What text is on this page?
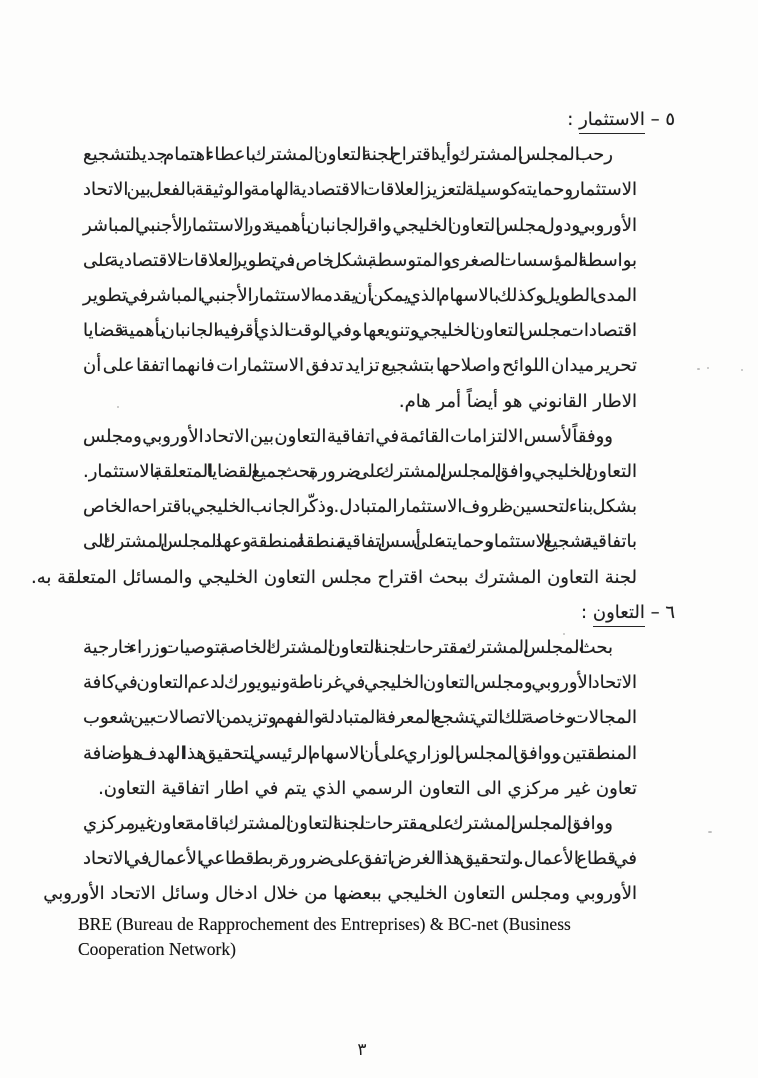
٥ – الاستثمار :
رحب المجلس المشترك وأيد اقتراح لجنة التعاون المشترك باعطاء اهتمام جديد لتشجيع
الاستثمار وحمايته كوسيلة لتعزيز العلاقات الاقتصادية الهامة والوثيقة بالفعل بين الاتحاد
الأوروبي ودول مجلس التعاون الخليجي. واقر الجانبان بأهمية دور الاستثمار الأجنبي المباشر
بواسطة المؤسسات الصغرى والمتوسطة بشكل خاص، في تطوير العلاقات الاقتصادية على
المدى الطويل وكذلك بالاسهام الذي يمكن أن يقدمه الاستثمار الأجنبي المباشر في تطوير
اقتصادات مجلس التعاون الخليجي وتنويعها. وفي الوقت الذي أقر فيه الجانبان بأهمية قضايا
تحرير ميدان اللوائح واصلاحها بتشجيع تزايد تدفق الاستثمارات فانهما اتفقا على أن
الاطار القانوني هو أيضاً أمر هام.
ووفقاً لأسس الالتزامات القائمة في اتفاقية التعاون بين الاتحاد الأوروبي ومجلس
التعاون الخليجي، وافق المجلس المشترك على ضرورة بحث جميع القضايا المتعلقة بالاستثمار.
بشكل بناء لتحسين ظروف الاستثمار المتبادل. وذكّر الجانب الخليجي باقتراحه الخاص
باتفاقية تشجيع الاستثمار وحمايته على أسس اتفاقية منطقة لمنطقة. وعهد المجلس المشترك الى
لجنة التعاون المشترك ببحث اقتراح مجلس التعاون الخليجي والمسائل المتعلقة به.
٦ – التعاون :
بحث المجلس المشترك مقترحات لجنة التعاون المشترك الخاصة بتوصيات وزراء خارجية
الاتحاد الأوروبي ومجلس التعاون الخليجي في غرناطة ونيويورك لدعم التعاون في كافة
المجالات وخاصة تلك التي تشجع المعرفة المتبادلة والفهم وتزيد من الاتصالات بين شعوب
المنطقتين. ووافق المجلس الوزاري على أن الاسهام الرئيسي لتحقيق هذا الهدف هو اضافة
تعاون غير مركزي الى التعاون الرسمي الذي يتم في اطار اتفاقية التعاون.
ووافق المجلس المشترك على مقترحات لجنة التعاون المشترك باقامة تعاون غير مركزي
في قطاع الأعمال. ولتحقيق هذا الغرض اتفق على ضرورة ربط قطاعي الأعمال في الاتحاد
الأوروبي ومجلس التعاون الخليجي ببعضها من خلال ادخال وسائل الاتحاد الأوروبي
BRE (Bureau de Rapprochement des Entreprises) & BC-net (Business
Cooperation Network)
٣
